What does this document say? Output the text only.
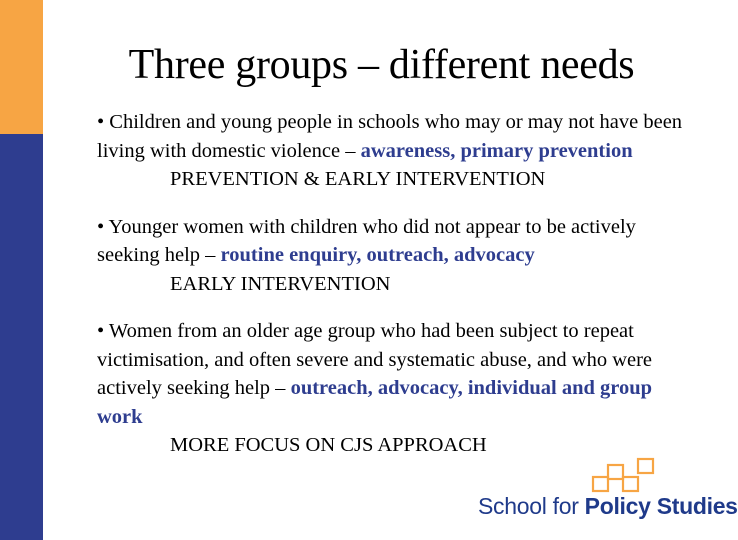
Three groups – different needs
• Children and young people in schools who may or may not have been living with domestic violence – awareness, primary prevention
PREVENTION & EARLY INTERVENTION
• Younger women with children who did not appear to be actively seeking help – routine enquiry, outreach, advocacy
EARLY INTERVENTION
• Women from an older age group who had been subject to repeat victimisation, and often severe and systematic abuse, and who were actively seeking help – outreach, advocacy, individual and group work
MORE FOCUS ON CJS APPROACH
School for Policy Studies
